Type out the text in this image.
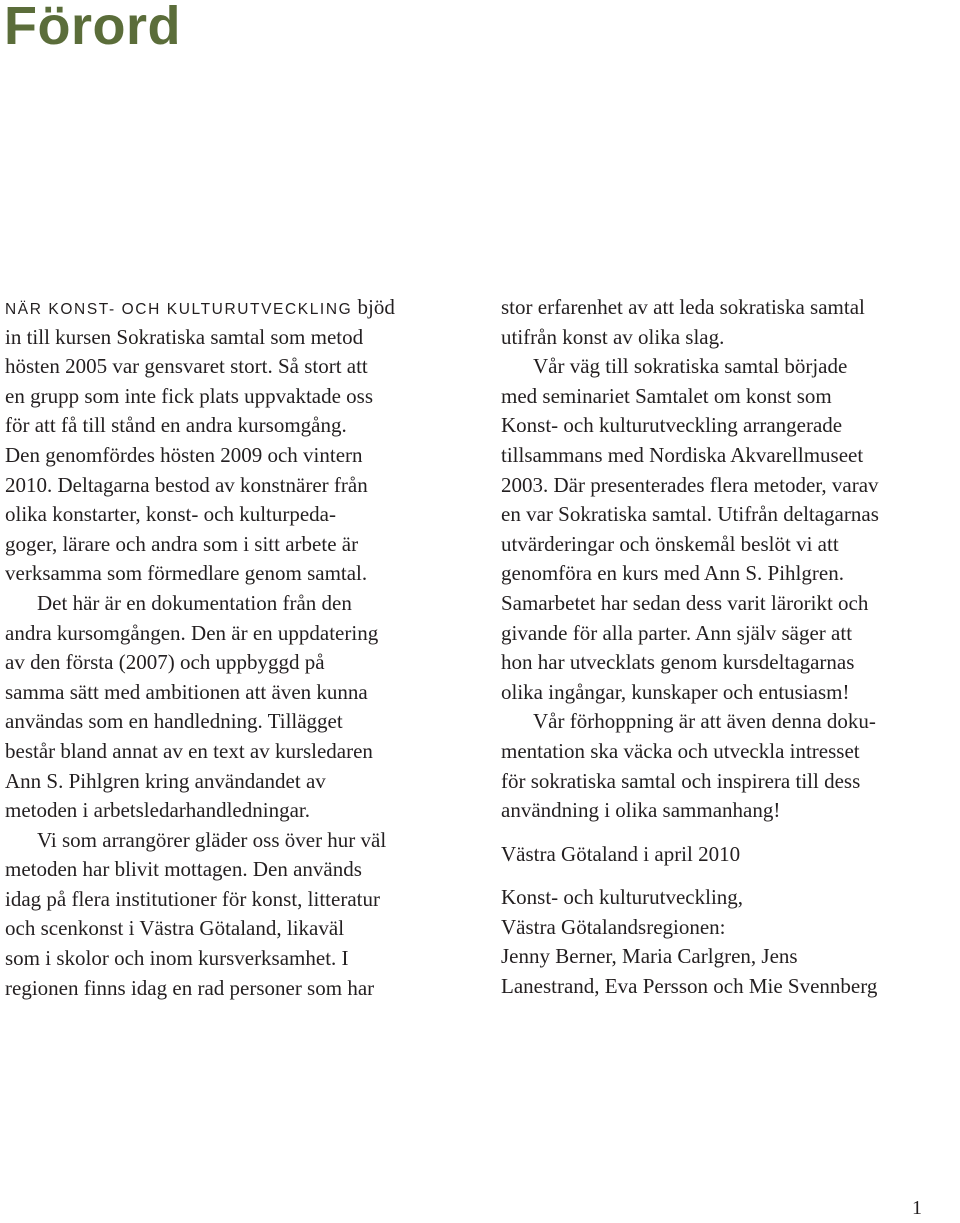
Förord
NÄR KONST- OCH KULTURUTVECKLING bjöd
in till kursen Sokratiska samtal som metod
hösten 2005 var gensvaret stort. Så stort att
en grupp som inte fick plats uppvaktade oss
för att få till stånd en andra kursomgång.
Den genomfördes hösten 2009 och vintern
2010. Deltagarna bestod av konstnärer från
olika konstarter, konst- och kulturpeda-
goger, lärare och andra som i sitt arbete är
verksamma som förmedlare genom samtal.
Det här är en dokumentation från den
andra kursomgången. Den är en uppdatering
av den första (2007) och uppbyggd på
samma sätt med ambitionen att även kunna
användas som en handledning. Tillägget
består bland annat av en text av kursledaren
Ann S. Pihlgren kring användandet av
metoden i arbetsledarhandledningar.
Vi som arrangörer gläder oss över hur väl
metoden har blivit mottagen. Den används
idag på flera institutioner för konst, litteratur
och scenkonst i Västra Götaland, likaväl
som i skolor och inom kursverksamhet. I
regionen finns idag en rad personer som har
stor erfarenhet av att leda sokratiska samtal
utifrån konst av olika slag.
Vår väg till sokratiska samtal började
med seminariet Samtalet om konst som
Konst- och kulturutveckling arrangerade
tillsammans med Nordiska Akvarellmuseet
2003. Där presenterades flera metoder, varav
en var Sokratiska samtal. Utifrån deltagarnas
utvärderingar och önskemål beslöt vi att
genomföra en kurs med Ann S. Pihlgren.
Samarbetet har sedan dess varit lärorikt och
givande för alla parter. Ann själv säger att
hon har utvecklats genom kursdeltagarnas
olika ingångar, kunskaper och entusiasm!
Vår förhoppning är att även denna doku-
mentation ska väcka och utveckla intresset
för sokratiska samtal och inspirera till dess
användning i olika sammanhang!
Västra Götaland i april 2010
Konst- och kulturutveckling,
Västra Götalandsregionen:
Jenny Berner, Maria Carlgren, Jens
Lanestrand, Eva Persson och Mie Svennberg
1
